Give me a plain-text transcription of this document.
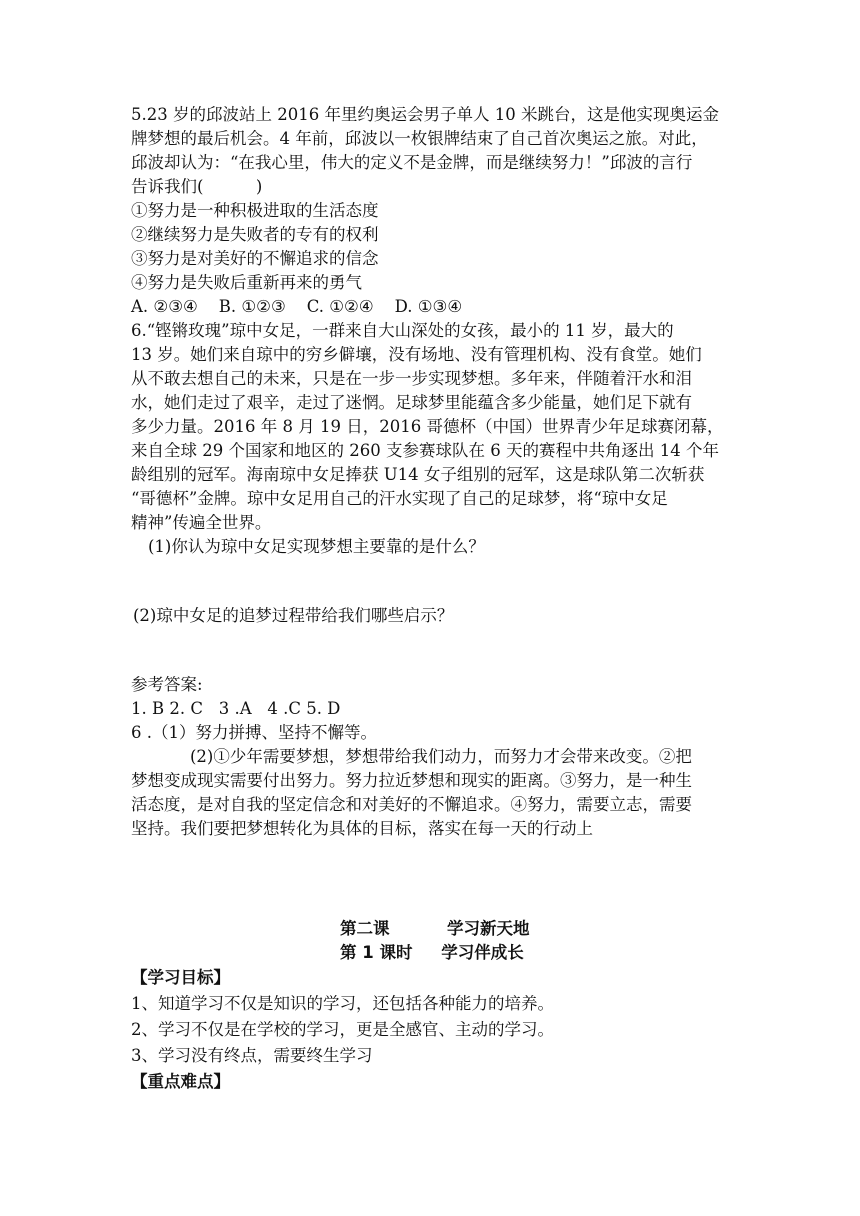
5.23 岁的邱波站上 2016 年里约奥运会男子单人 10 米跳台，这是他实现奥运金
牌梦想的最后机会。4 年前，邱波以一枚银牌结束了自己首次奥运之旅。对此，
邱波却认为：“在我心里，伟大的定义不是金牌，而是继续努力！”邱波的言行
告诉我们(          )
①努力是一种积极进取的生活态度
②继续努力是失败者的专有的权利
③努力是对美好的不懈追求的信念
④努力是失败后重新再来的勇气
A. ②③④    B. ①②③    C. ①②④    D. ①③④
6.“铿锵玫瑰”琼中女足，一群来自大山深处的女孩，最小的 11 岁，最大的
13 岁。她们来自琼中的穷乡僻壤，没有场地、没有管理机构、没有食堂。她们
从不敢去想自己的未来，只是在一步一步实现梦想。多年来，伴随着汗水和泪
水，她们走过了艰辛，走过了迷惘。足球梦里能蕴含多少能量，她们足下就有
多少力量。2016 年 8 月 19 日，2016 哥德杯（中国）世界青少年足球赛闭幕，
来自全球 29 个国家和地区的 260 支参赛球队在 6 天的赛程中共角逐出 14 个年
龄组别的冠军。海南琼中女足捧获 U14 女子组别的冠军，这是球队第二次斩获
“哥德杯”金牌。琼中女足用自己的汗水实现了自己的足球梦，将“琼中女足
精神”传遍全世界。
(1)你认为琼中女足实现梦想主要靠的是什么？
(2)琼中女足的追梦过程带给我们哪些启示？
参考答案:
1. B 2. C   3 .A   4 .C 5. D
6 .（1）努力拼搏、坚持不懈等。
(2)①少年需要梦想，梦想带给我们动力，而努力才会带来改变。②把
梦想变成现实需要付出努力。努力拉近梦想和现实的距离。③努力，是一种生
活态度，是对自我的坚定信念和对美好的不懈追求。④努力，需要立志，需要
坚持。我们要把梦想转化为具体的目标，落实在每一天的行动上
第二课          学习新天地
第 1 课时     学习伴成长
【学习目标】
1、知道学习不仅是知识的学习，还包括各种能力的培养。
2、学习不仅是在学校的学习，更是全感官、主动的学习。
3、学习没有终点，需要终生学习
【重点难点】
